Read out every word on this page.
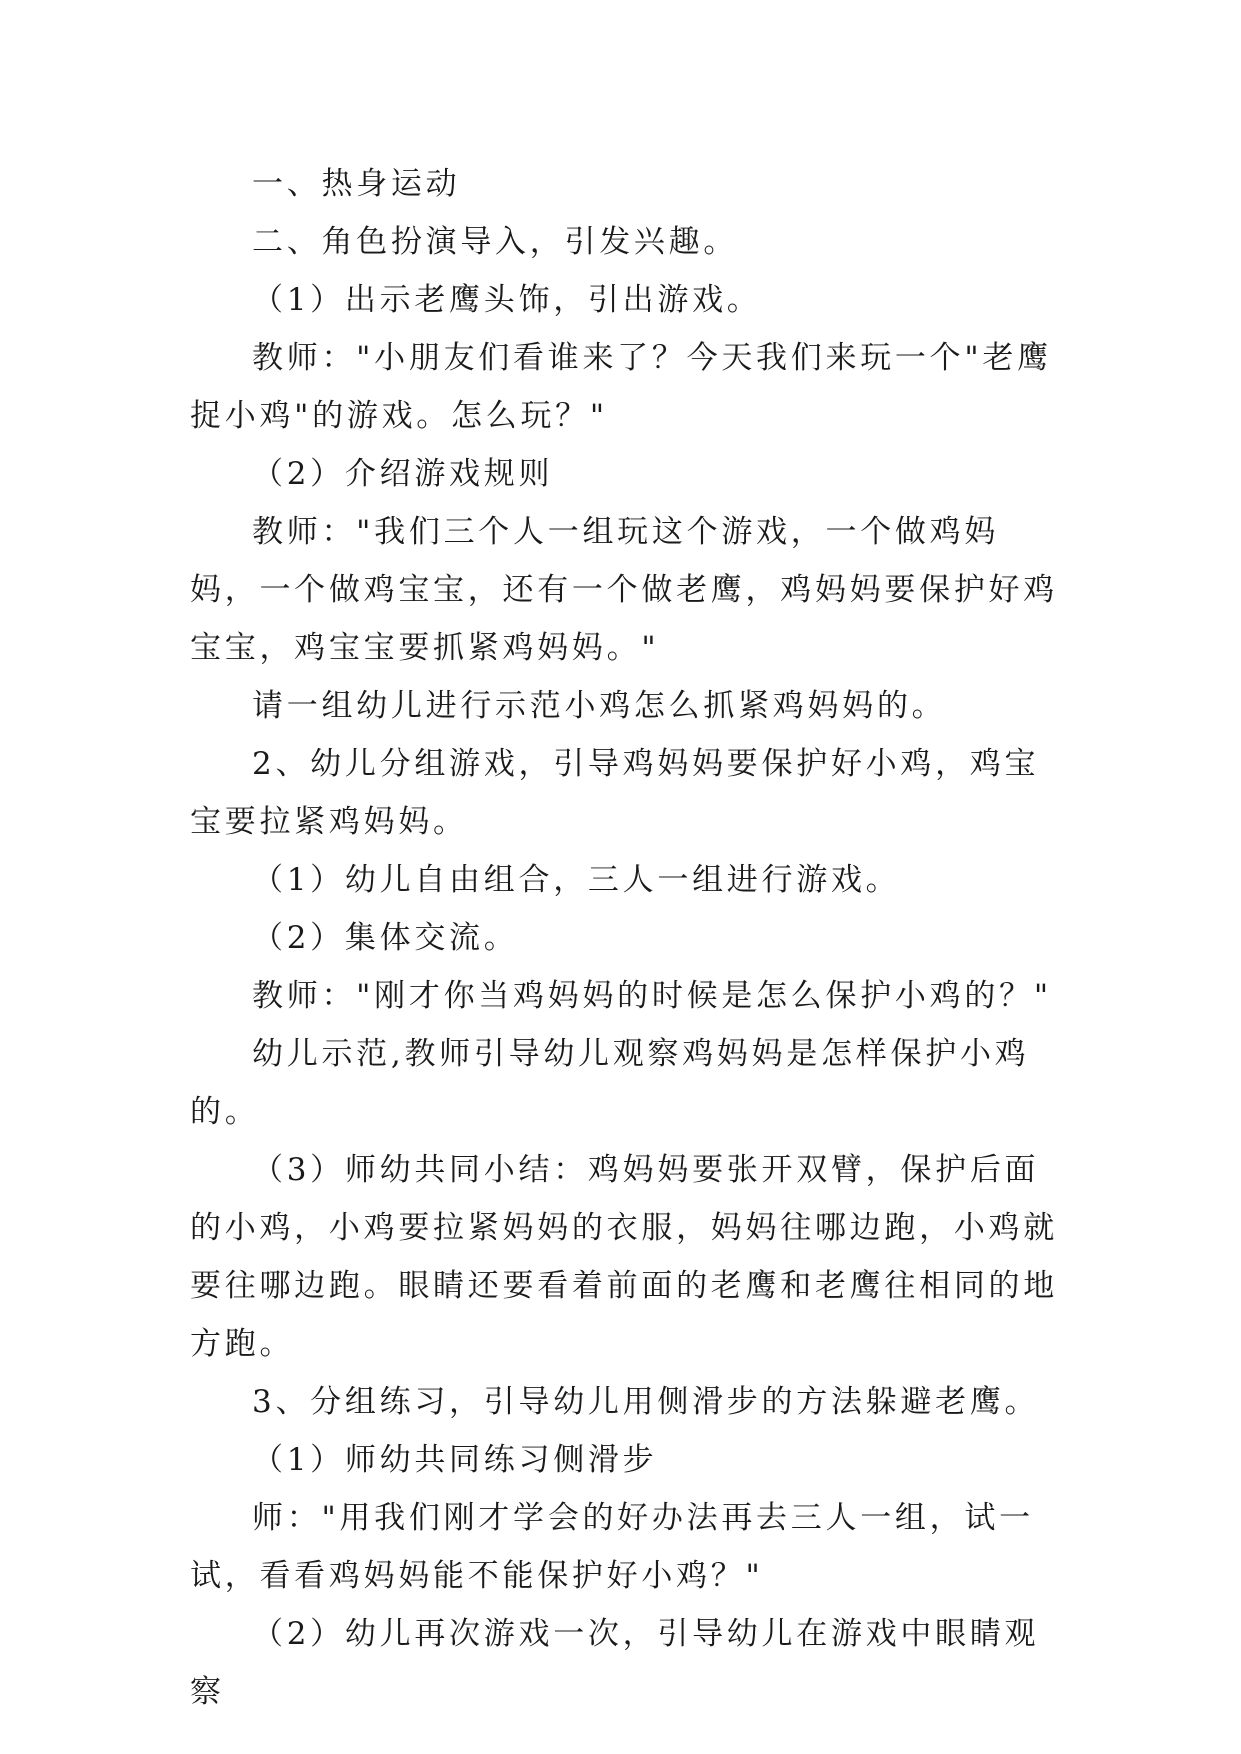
一、热身运动

二、角色扮演导入，引发兴趣。

（1）出示老鹰头饰，引出游戏。

教师："小朋友们看谁来了？今天我们来玩一个"老鹰捉小鸡"的游戏。怎么玩？"

（2）介绍游戏规则

教师："我们三个人一组玩这个游戏，一个做鸡妈妈，一个做鸡宝宝，还有一个做老鹰，鸡妈妈要保护好鸡宝宝，鸡宝宝要抓紧鸡妈妈。"

请一组幼儿进行示范小鸡怎么抓紧鸡妈妈的。

2、幼儿分组游戏，引导鸡妈妈要保护好小鸡，鸡宝宝要拉紧鸡妈妈。

（1）幼儿自由组合，三人一组进行游戏。

（2）集体交流。

教师："刚才你当鸡妈妈的时候是怎么保护小鸡的？"

幼儿示范,教师引导幼儿观察鸡妈妈是怎样保护小鸡的。

（3）师幼共同小结：鸡妈妈要张开双臂，保护后面的小鸡，小鸡要拉紧妈妈的衣服，妈妈往哪边跑，小鸡就要往哪边跑。眼睛还要看着前面的老鹰和老鹰往相同的地方跑。

3、分组练习，引导幼儿用侧滑步的方法躲避老鹰。

（1）师幼共同练习侧滑步

师："用我们刚才学会的好办法再去三人一组，试一试，看看鸡妈妈能不能保护好小鸡？"

（2）幼儿再次游戏一次，引导幼儿在游戏中眼睛观察
